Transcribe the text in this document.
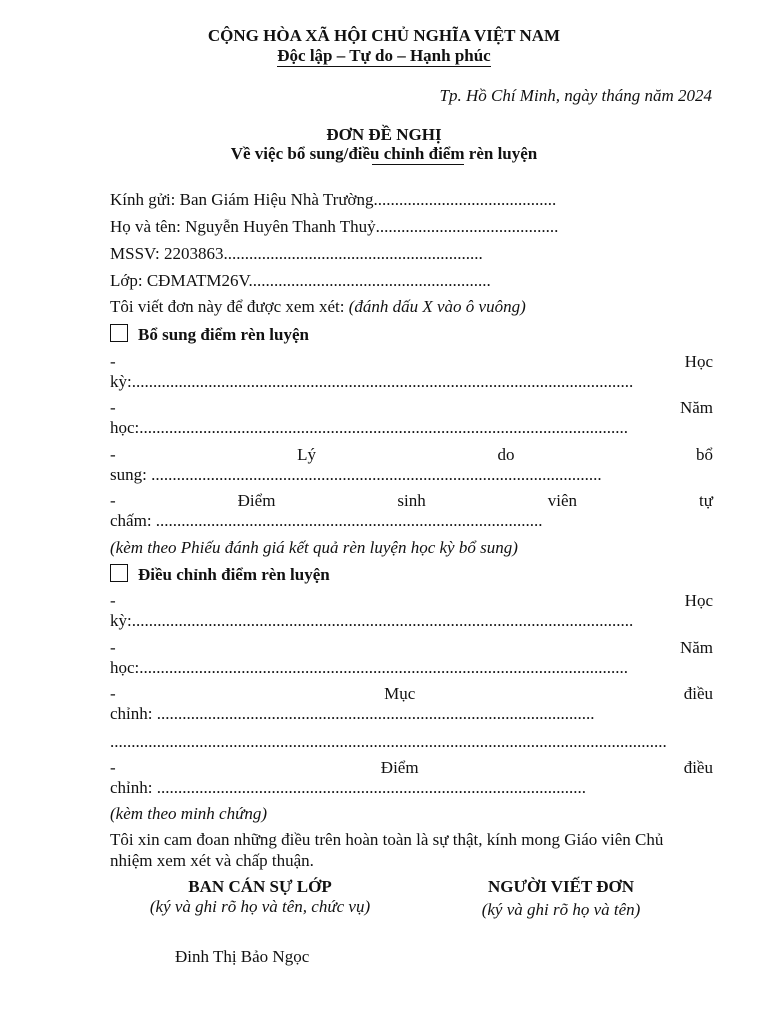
CỘNG HÒA XÃ HỘI CHỦ NGHĨA VIỆT NAM
Độc lập – Tự do – Hạnh phúc
Tp. Hồ Chí Minh, ngày tháng năm 2024
ĐƠN ĐỀ NGHỊ
Về việc bổ sung/điều chỉnh điểm rèn luyện
Kính gửi: Ban Giám Hiệu Nhà Trường...........................................
Họ và tên: Nguyễn Huyên Thanh Thuỷ...........................................
MSSV: 2203863.............................................................
Lớp: CĐMATM26V.........................................................
Tôi viết đơn này để được xem xét: (đánh dấu X vào ô vuông)
Bổ sung điểm rèn luyện
-	Học
kỳ:......................................................................................................................
-	Năm
học:...................................................................................................................
-	Lý	do	bổ
sung: ..........................................................................................................
-	Điểm	sinh	viên	tự
chấm: ...........................................................................................
(kèm theo Phiếu đánh giá kết quả rèn luyện học kỳ bổ sung)
Điều chỉnh điểm rèn luyện
-	Học
kỳ:......................................................................................................................
-	Năm
học:...................................................................................................................
-	Mục	điều
chỉnh: .......................................................................................................
...................................................................................................................................
-	Điểm	điều
chỉnh: .....................................................................................................
(kèm theo minh chứng)
Tôi xin cam đoan những điều trên hoàn toàn là sự thật, kính mong Giáo viên Chủ
nhiệm xem xét và chấp thuận.
BAN CÁN SỰ LỚP
(ký và ghi rõ họ và tên, chức vụ)
NGƯỜI VIẾT ĐƠN
(ký và ghi rõ họ và tên)
Đinh Thị Bảo Ngọc
